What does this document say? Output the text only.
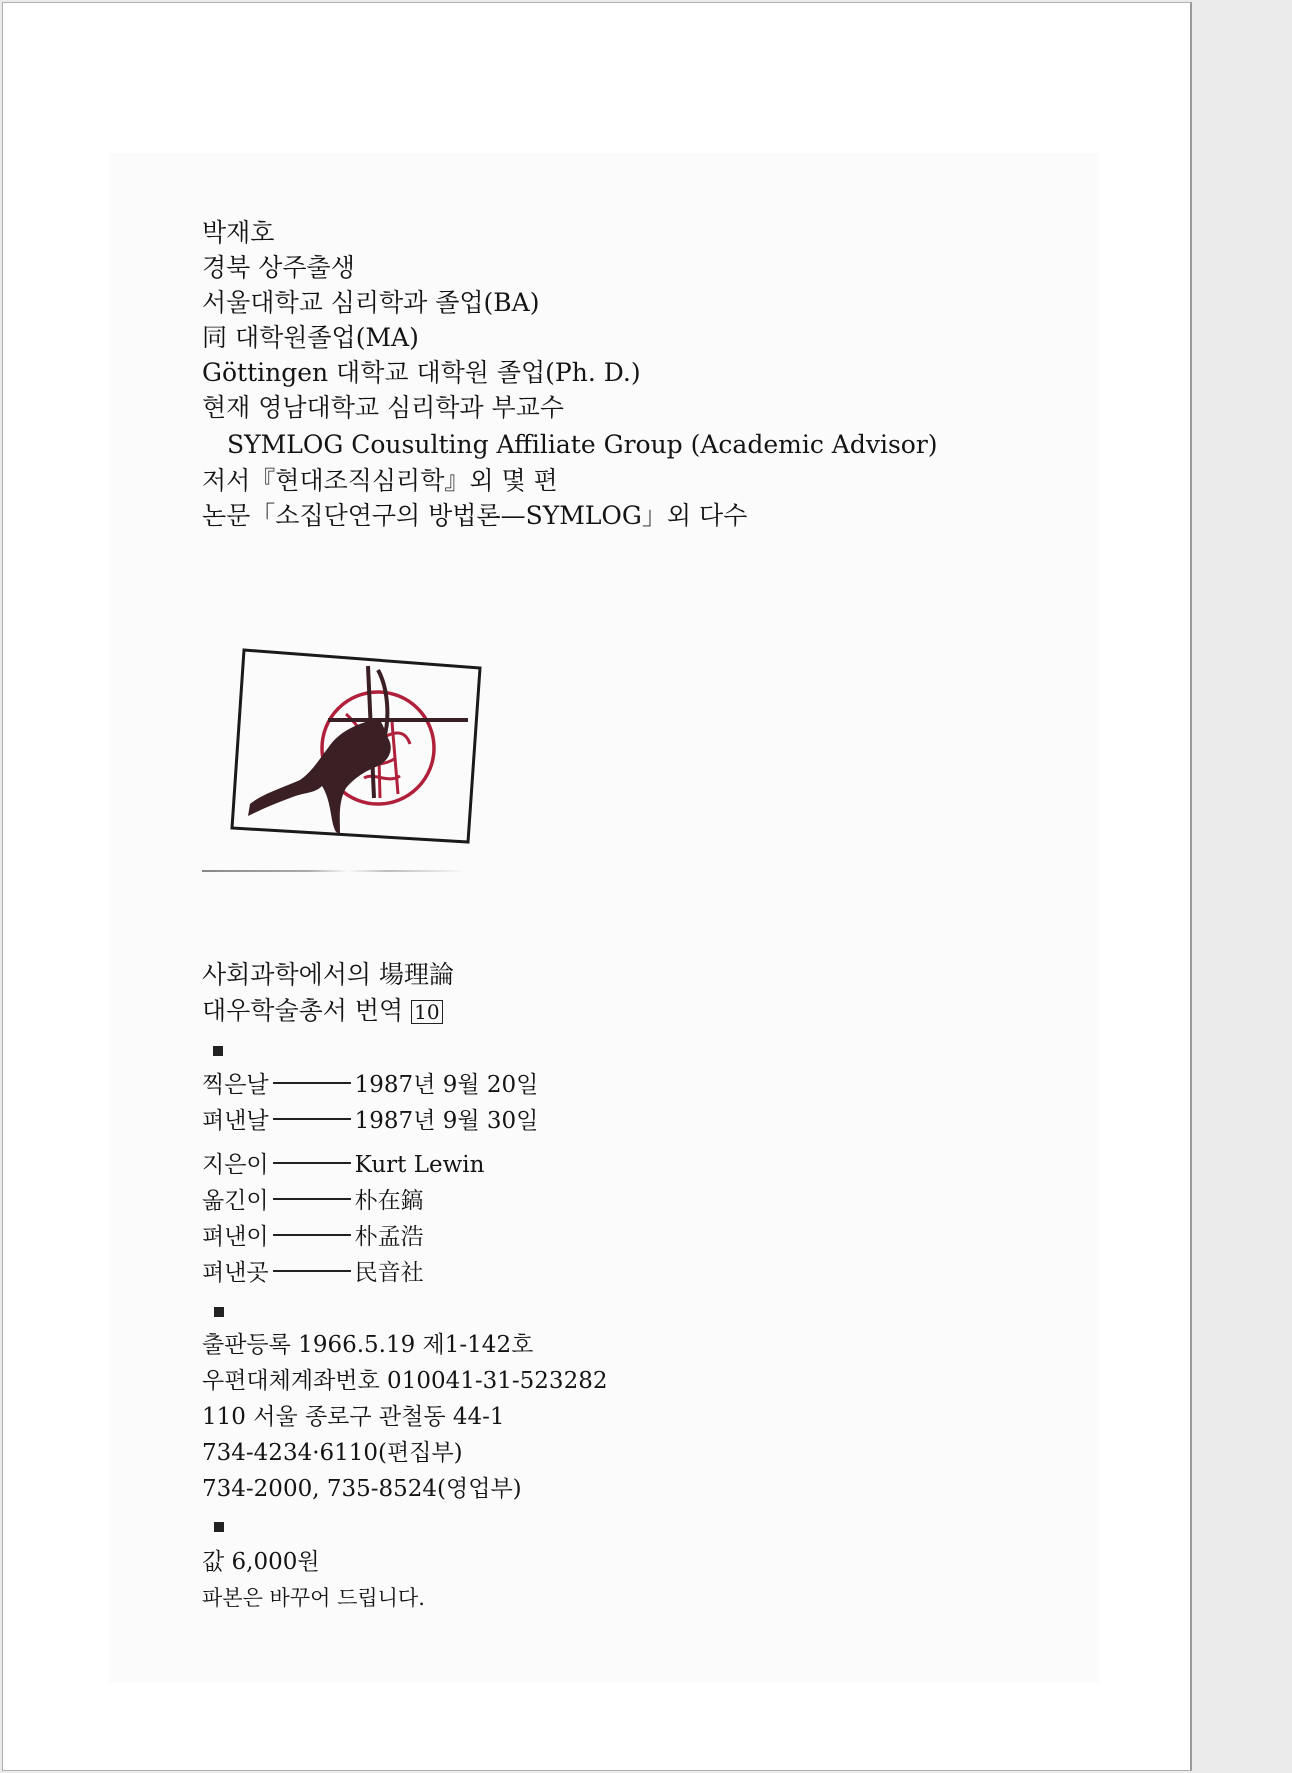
박재호
경북 상주출생
서울대학교 심리학과 졸업(BA)
同 대학원졸업(MA)
Göttingen 대학교 대학원 졸업(Ph. D.)
현재 영남대학교 심리학과 부교수
SYMLOG Cousulting Affiliate Group (Academic Advisor)
저서『현대조직심리학』외 몇 편
논문「소집단연구의 방법론—SYMLOG」외 다수
사회과학에서의 場理論
대우학술총서 번역 10
찍은날	1987년 9월 20일
펴낸날	1987년 9월 30일
지은이	Kurt Lewin
옮긴이	朴在鎬
펴낸이	朴孟浩
펴낸곳	民音社
출판등록 1966.5.19 제1-142호
우편대체계좌번호 010041-31-523282
110 서울 종로구 관철동 44-1
734-4234·6110(편집부)
734-2000, 735-8524(영업부)
값 6,000원
파본은 바꾸어 드립니다.
